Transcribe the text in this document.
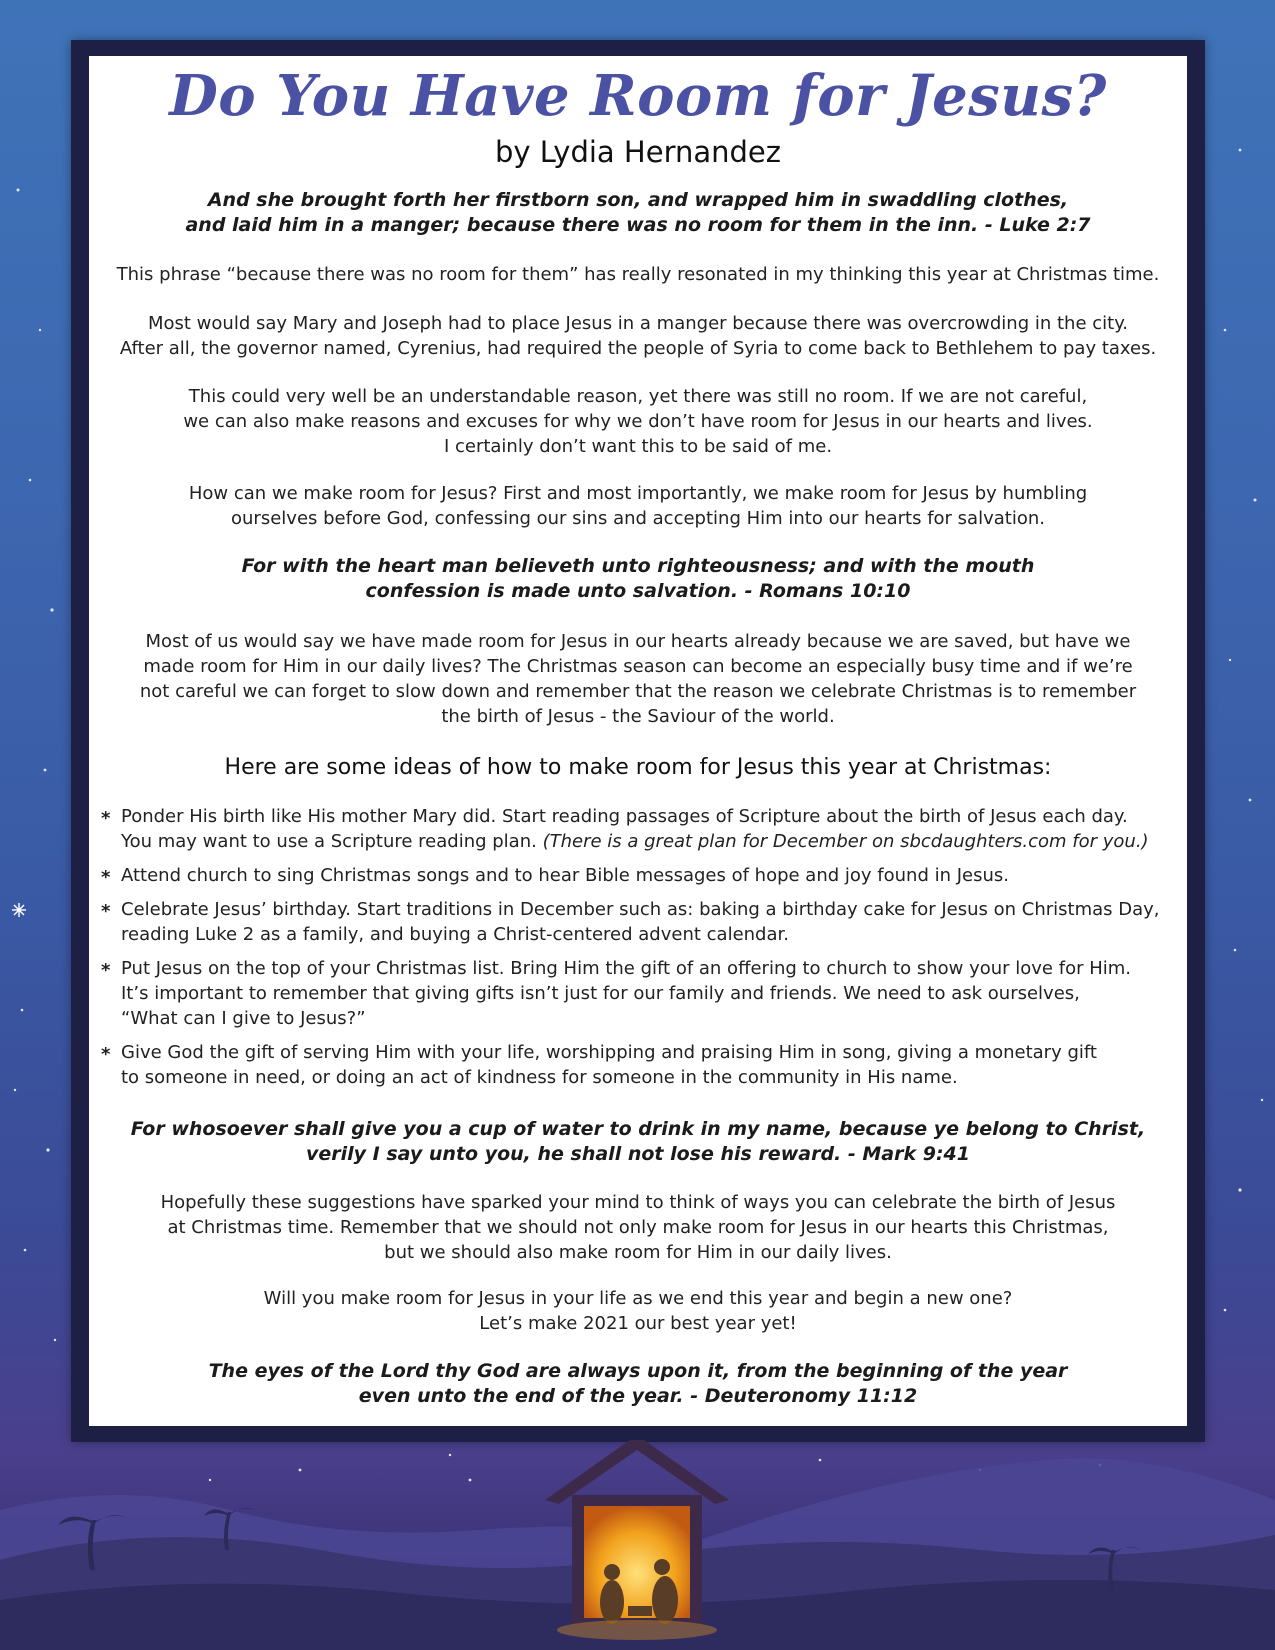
Do You Have Room for Jesus?
by Lydia Hernandez

And she brought forth her firstborn son, and wrapped him in swaddling clothes,

and laid him in a manger; because there was no room for them in the inn. - Luke 2:7

This phrase “because there was no room for them” has really resonated in my thinking this year at Christmas time.

Most would say Mary and Joseph had to place Jesus in a manger because there was overcrowding in the city.

After all, the governor named, Cyrenius, had required the people of Syria to come back to Bethlehem to pay taxes.

This could very well be an understandable reason, yet there was still no room. If we are not careful,

we can also make reasons and excuses for why we don’t have room for Jesus in our hearts and lives.

I certainly don’t want this to be said of me.

How can we make room for Jesus? First and most importantly, we make room for Jesus by humbling

ourselves before God, confessing our sins and accepting Him into our hearts for salvation.

For with the heart man believeth unto righteousness; and with the mouth

confession is made unto salvation. - Romans 10:10

Most of us would say we have made room for Jesus in our hearts already because we are saved, but have we

made room for Him in our daily lives? The Christmas season can become an especially busy time and if we’re

not careful we can forget to slow down and remember that the reason we celebrate Christmas is to remember

the birth of Jesus - the Saviour of the world.

Here are some ideas of how to make room for Jesus this year at Christmas:
* Ponder His birth like His mother Mary did. Start reading passages of Scripture about the birth of Jesus each day.
You may want to use a Scripture reading plan. (There is a great plan for December on sbcdaughters.com for you.)
* Attend church to sing Christmas songs and to hear Bible messages of hope and joy found in Jesus.
* Celebrate Jesus’ birthday. Start traditions in December such as: baking a birthday cake for Jesus on Christmas Day,
reading Luke 2 as a family, and buying a Christ-centered advent calendar.
* Put Jesus on the top of your Christmas list. Bring Him the gift of an offering to church to show your love for Him.
It’s important to remember that giving gifts isn’t just for our family and friends. We need to ask ourselves,
“What can I give to Jesus?”
* Give God the gift of serving Him with your life, worshipping and praising Him in song, giving a monetary gift
to someone in need, or doing an act of kindness for someone in the community in His name.

For whosoever shall give you a cup of water to drink in my name, because ye belong to Christ,

verily I say unto you, he shall not lose his reward. - Mark 9:41

Hopefully these suggestions have sparked your mind to think of ways you can celebrate the birth of Jesus

at Christmas time. Remember that we should not only make room for Jesus in our hearts this Christmas,

but we should also make room for Him in our daily lives.

Will you make room for Jesus in your life as we end this year and begin a new one?

Let’s make 2021 our best year yet!

The eyes of the Lord thy God are always upon it, from the beginning of the year

even unto the end of the year. - Deuteronomy 11:12
